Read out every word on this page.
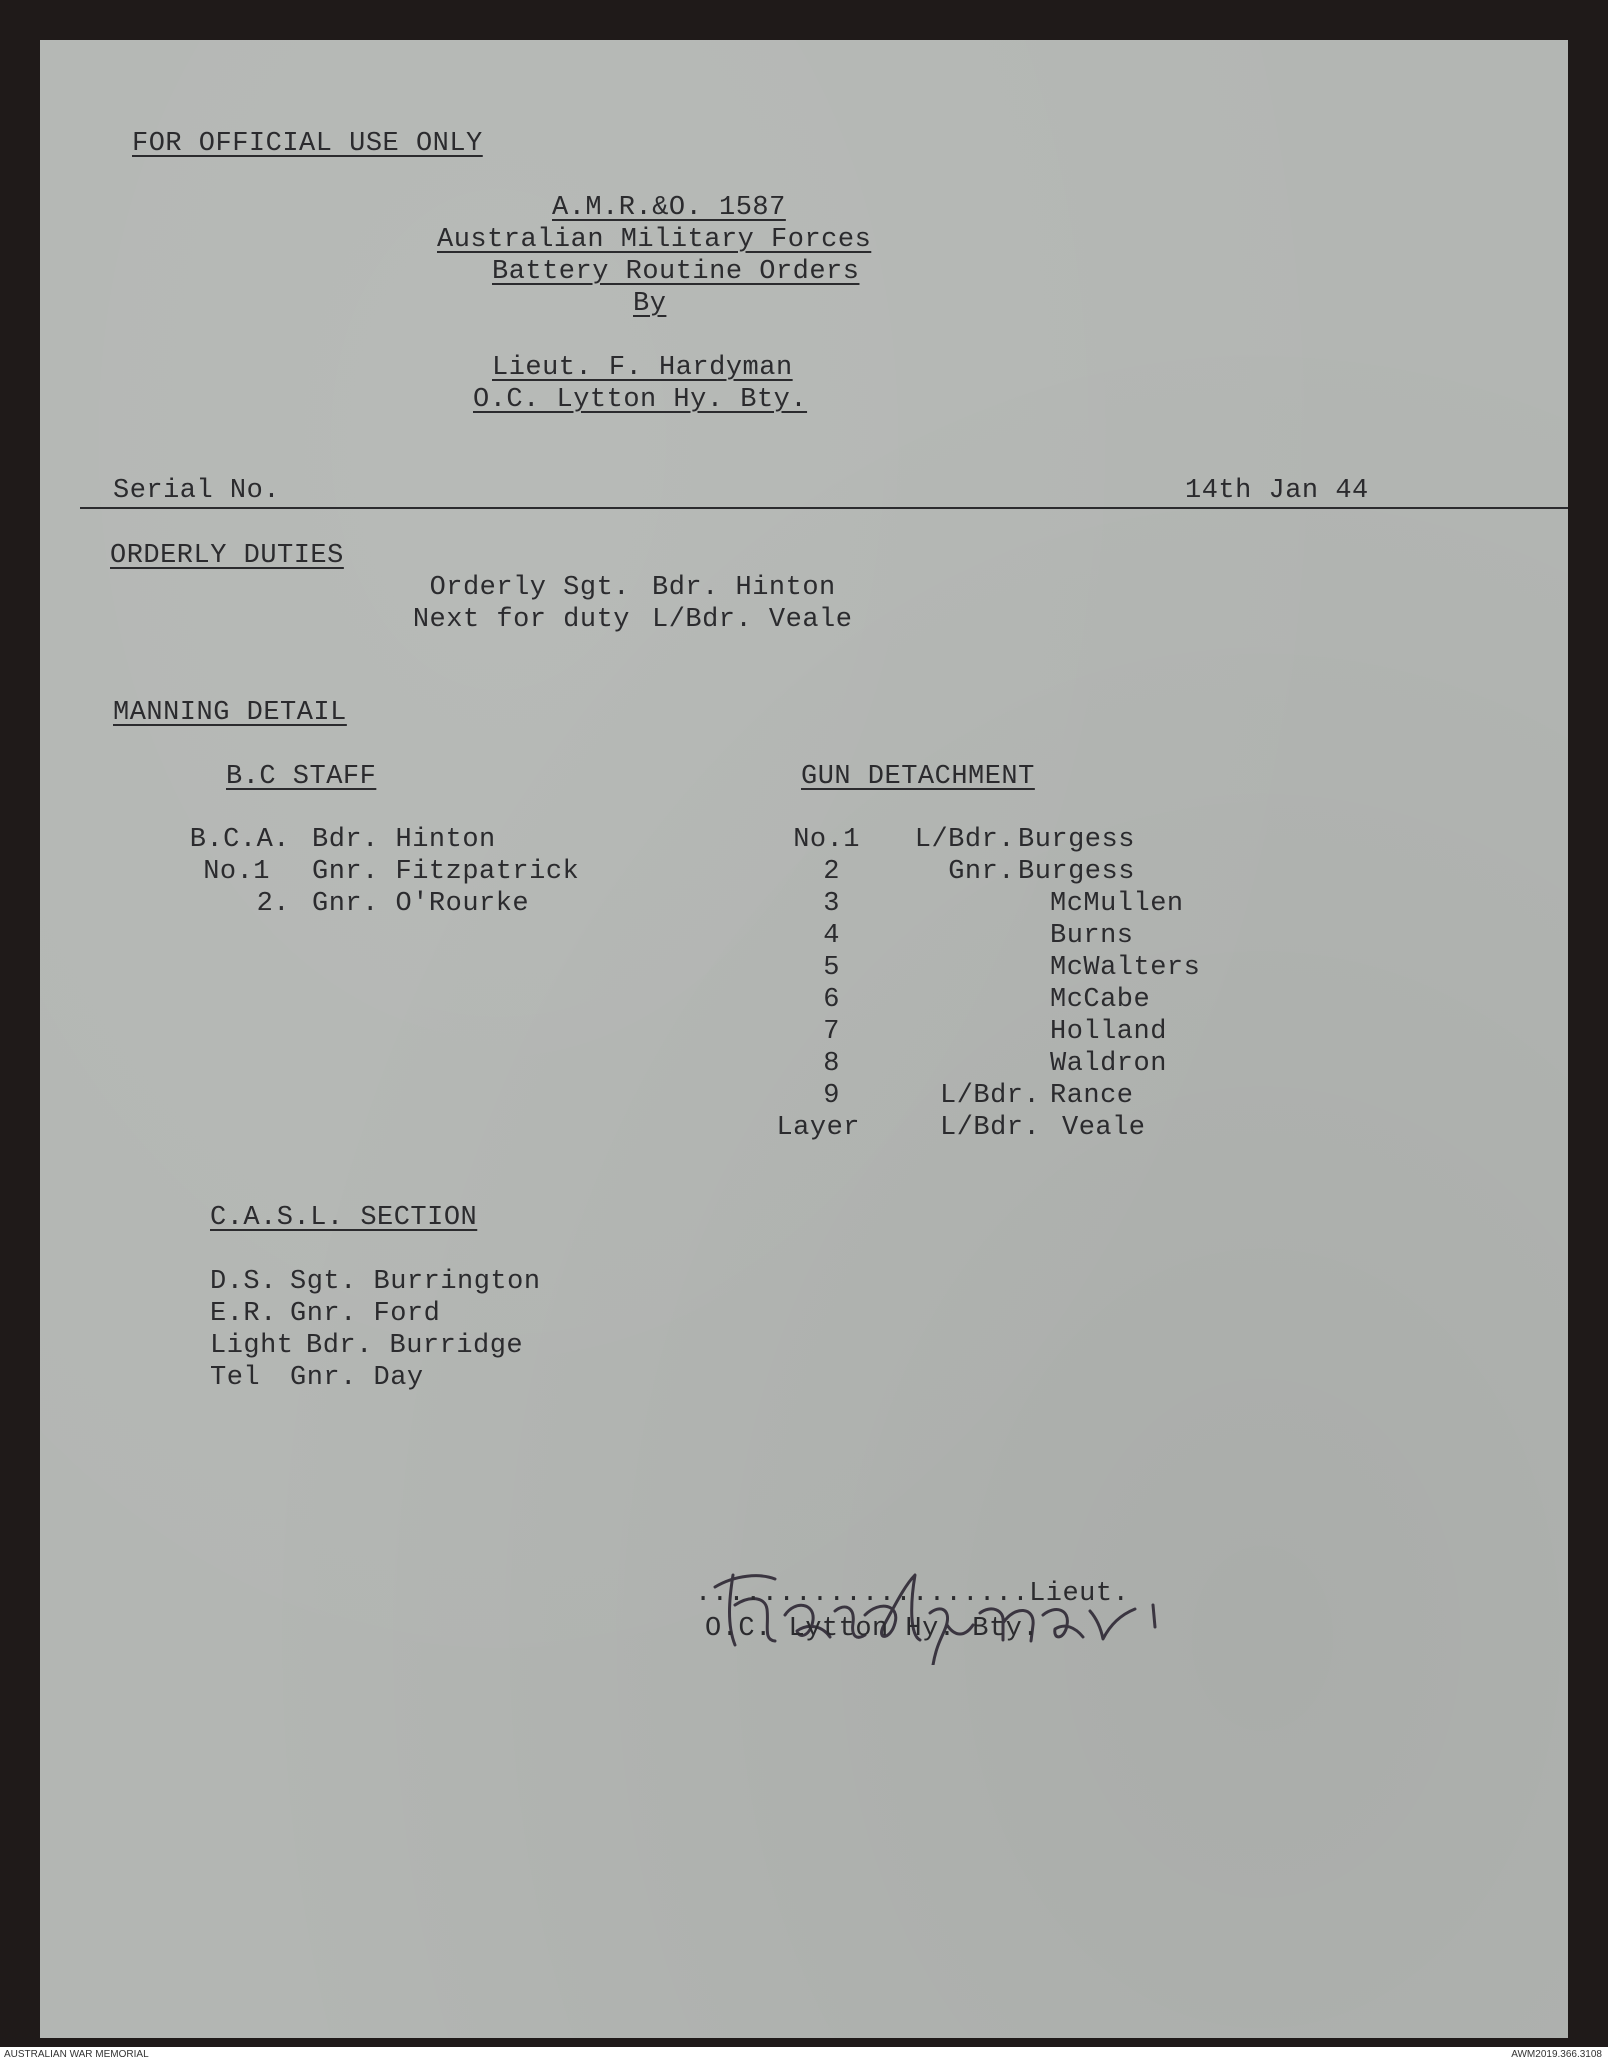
FOR OFFICIAL USE ONLY
A.M.R.&O. 1587
Australian Military Forces
Battery Routine Orders
By
Lieut. F. Hardyman
O.C. Lytton Hy. Bty.
Serial No.	14th Jan 44
ORDERLY DUTIES
Orderly Sgt. Bdr. Hinton
Next for duty L/Bdr. Veale
MANNING DETAIL
B.C STAFF
B.C.A. Bdr. Hinton
No.1 Gnr. Fitzpatrick
2. Gnr. O'Rourke
GUN DETACHMENT
No.1	L/Bdr. Burgess
2	Gnr. Burgess
3	McMullen
4	Burns
5	McWalters
6	McCabe
7	Holland
8	Waldron
9	L/Bdr. Rance
Layer	L/Bdr. Veale
C.A.S.L. SECTION
D.S. Sgt. Burrington
E.R. Gnr. Ford
Light Bdr. Burridge
Tel Gnr. Day
....................Lieut.
O.C. Lytton Hy. Bty.
AUSTRALIAN WAR MEMORIAL	AWM2019.366.3108
